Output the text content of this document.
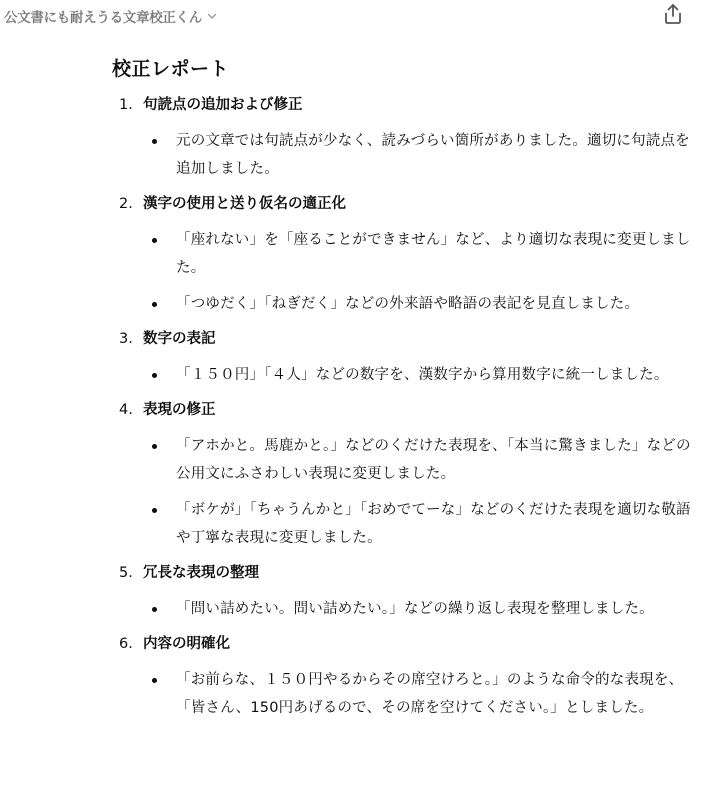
公文書にも耐えうる文章校正くん
校正レポート
1. 句読点の追加および修正
元の文章では句読点が少なく、読みづらい箇所がありました。適切に句読点を追加しました。
2. 漢字の使用と送り仮名の適正化
「座れない」を「座ることができません」など、より適切な表現に変更しました。
「つゆだく」「ねぎだく」などの外来語や略語の表記を見直しました。
3. 数字の表記
「１５０円」「４人」などの数字を、漢数字から算用数字に統一しました。
4. 表現の修正
「アホかと。馬鹿かと。」などのくだけた表現を、「本当に驚きました」などの公用文にふさわしい表現に変更しました。
「ボケが」「ちゃうんかと」「おめでてーな」などのくだけた表現を適切な敬語や丁寧な表現に変更しました。
5. 冗長な表現の整理
「問い詰めたい。問い詰めたい。」などの繰り返し表現を整理しました。
6. 内容の明確化
「お前らな、１５０円やるからその席空けろと。」のような命令的な表現を、「皆さん、150円あげるので、その席を空けてください。」としました。
